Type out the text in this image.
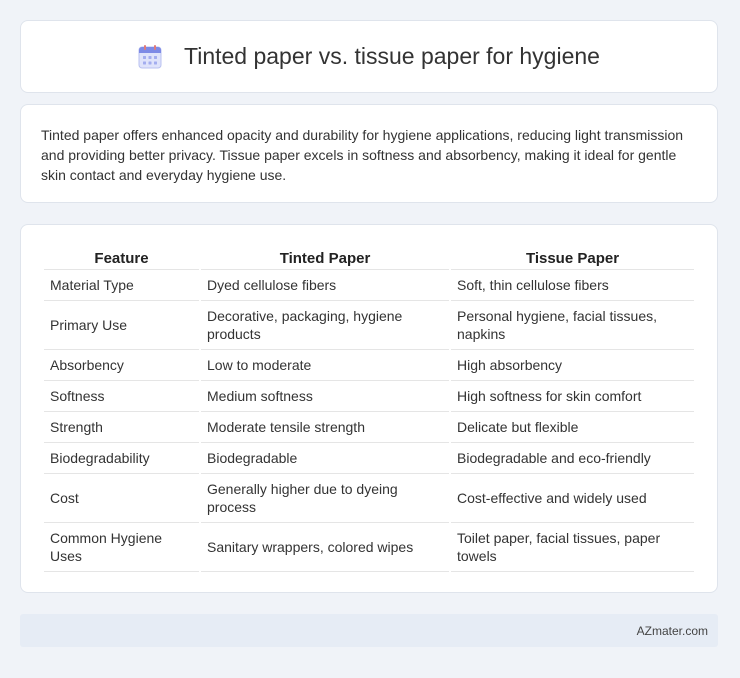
Tinted paper vs. tissue paper for hygiene

Tinted paper offers enhanced opacity and durability for hygiene applications, reducing light transmission and providing better privacy. Tissue paper excels in softness and absorbency, making it ideal for gentle skin contact and everyday hygiene use.

Feature	Tinted Paper	Tissue Paper
Material Type	Dyed cellulose fibers	Soft, thin cellulose fibers
Primary Use	Decorative, packaging, hygiene products	Personal hygiene, facial tissues, napkins
Absorbency	Low to moderate	High absorbency
Softness	Medium softness	High softness for skin comfort
Strength	Moderate tensile strength	Delicate but flexible
Biodegradability	Biodegradable	Biodegradable and eco-friendly
Cost	Generally higher due to dyeing process	Cost-effective and widely used
Common Hygiene Uses	Sanitary wrappers, colored wipes	Toilet paper, facial tissues, paper towels
AZmater.com
